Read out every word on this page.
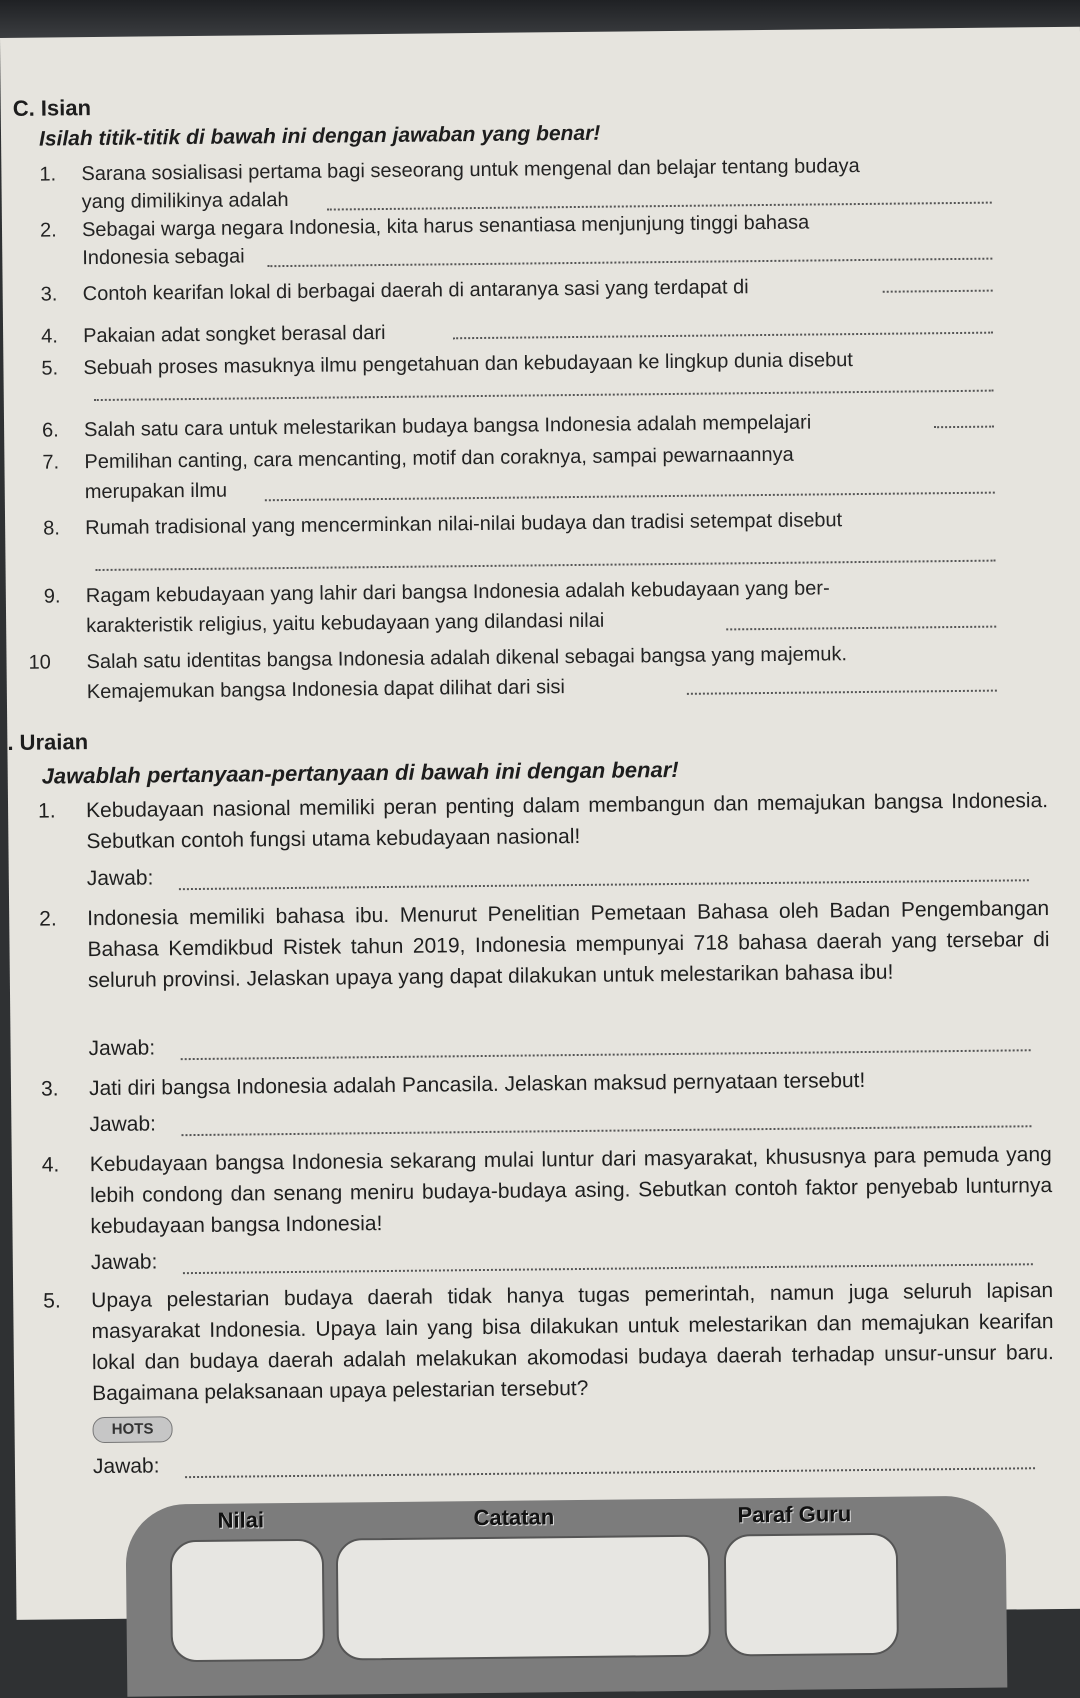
C. Isian
Isilah titik-titik di bawah ini dengan jawaban yang benar!
1. Sarana sosialisasi pertama bagi seseorang untuk mengenal dan belajar tentang budaya
yang dimilikinya adalah
2. Sebagai warga negara Indonesia, kita harus senantiasa menjunjung tinggi bahasa
Indonesia sebagai
3. Contoh kearifan lokal di berbagai daerah di antaranya sasi yang terdapat di
4. Pakaian adat songket berasal dari
5. Sebuah proses masuknya ilmu pengetahuan dan kebudayaan ke lingkup dunia disebut
6. Salah satu cara untuk melestarikan budaya bangsa Indonesia adalah mempelajari
7. Pemilihan canting, cara mencanting, motif dan coraknya, sampai pewarnaannya
merupakan ilmu
8. Rumah tradisional yang mencerminkan nilai-nilai budaya dan tradisi setempat disebut
9. Ragam kebudayaan yang lahir dari bangsa Indonesia adalah kebudayaan yang ber-
karakteristik religius, yaitu kebudayaan yang dilandasi nilai
10 Salah satu identitas bangsa Indonesia adalah dikenal sebagai bangsa yang majemuk.
Kemajemukan bangsa Indonesia dapat dilihat dari sisi
. Uraian
Jawablah pertanyaan-pertanyaan di bawah ini dengan benar!
1. Kebudayaan nasional memiliki peran penting dalam membangun dan memajukan bangsa Indonesia. Sebutkan contoh fungsi utama kebudayaan nasional!
Jawab:
2. Indonesia memiliki bahasa ibu. Menurut Penelitian Pemetaan Bahasa oleh Badan Pengembangan Bahasa Kemdikbud Ristek tahun 2019, Indonesia mempunyai 718 bahasa daerah yang tersebar di seluruh provinsi. Jelaskan upaya yang dapat dilakukan untuk melestarikan bahasa ibu!
Jawab:
3. Jati diri bangsa Indonesia adalah Pancasila. Jelaskan maksud pernyataan tersebut!
Jawab:
4. Kebudayaan bangsa Indonesia sekarang mulai luntur dari masyarakat, khususnya para pemuda yang lebih condong dan senang meniru budaya-budaya asing. Sebutkan contoh faktor penyebab lunturnya kebudayaan bangsa Indonesia!
Jawab:
5. Upaya pelestarian budaya daerah tidak hanya tugas pemerintah, namun juga seluruh lapisan masyarakat Indonesia. Upaya lain yang bisa dilakukan untuk melestarikan dan memajukan kearifan lokal dan budaya daerah adalah melakukan akomodasi budaya daerah terhadap unsur-unsur baru. Bagaimana pelaksanaan upaya pelestarian tersebut?
HOTS
Jawab:
Nilai	Catatan	Paraf Guru
